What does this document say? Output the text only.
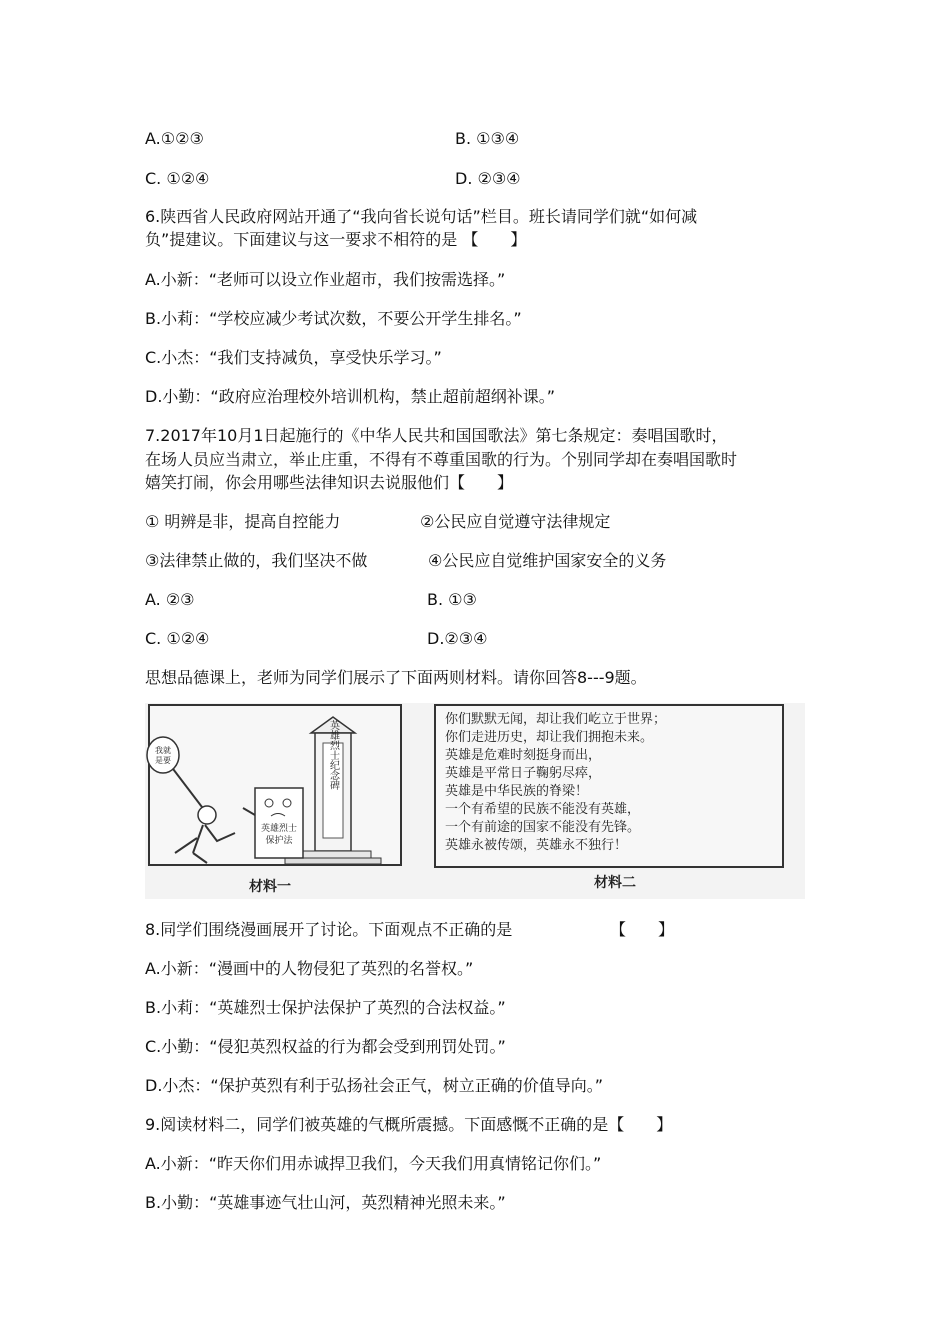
A.①②③	B. ①③④
C. ①②④	D. ②③④
6.陕西省人民政府网站开通了“我向省长说句话”栏目。班长请同学们就“如何减
负”提建议。下面建议与这一要求不相符的是 【　　】
A.小新：“老师可以设立作业超市，我们按需选择。”
B.小莉：“学校应减少考试次数，不要公开学生排名。”
C.小杰：“我们支持减负，享受快乐学习。”
D.小勤：“政府应治理校外培训机构，禁止超前超纲补课。”
7.2017年10月1日起施行的《中华人民共和国国歌法》第七条规定：奏唱国歌时，
在场人员应当肃立，举止庄重，不得有不尊重国歌的行为。个别同学却在奏唱国歌时
嬉笑打闹，你会用哪些法律知识去说服他们【　　】
① 明辨是非，提高自控能力	②公民应自觉遵守法律规定
③法律禁止做的，我们坚决不做	④公民应自觉维护国家安全的义务
A. ②③	B. ①③
C. ①②④	D.②③④
思想品德课上，老师为同学们展示了下面两则材料。请你回答8---9题。
英雄烈士纪念碑
英雄烈士
保护法
我就
是要
材料一
你们默默无闻，却让我们屹立于世界；
你们走进历史，却让我们拥抱未来。
英雄是危难时刻挺身而出，
英雄是平常日子鞠躬尽瘁，
英雄是中华民族的脊梁！
一个有希望的民族不能没有英雄，
一个有前途的国家不能没有先锋。
英雄永被传颂，英雄永不独行！
材料二
8.同学们围绕漫画展开了讨论。下面观点不正确的是	【　　】
A.小新：“漫画中的人物侵犯了英烈的名誉权。”
B.小莉：“英雄烈士保护法保护了英烈的合法权益。”
C.小勤：“侵犯英烈权益的行为都会受到刑罚处罚。”
D.小杰：“保护英烈有利于弘扬社会正气，树立正确的价值导向。”
9.阅读材料二，同学们被英雄的气概所震撼。下面感慨不正确的是【　　】
A.小新：“昨天你们用赤诚捍卫我们，今天我们用真情铭记你们。”
B.小勤：“英雄事迹气壮山河，英烈精神光照未来。”
